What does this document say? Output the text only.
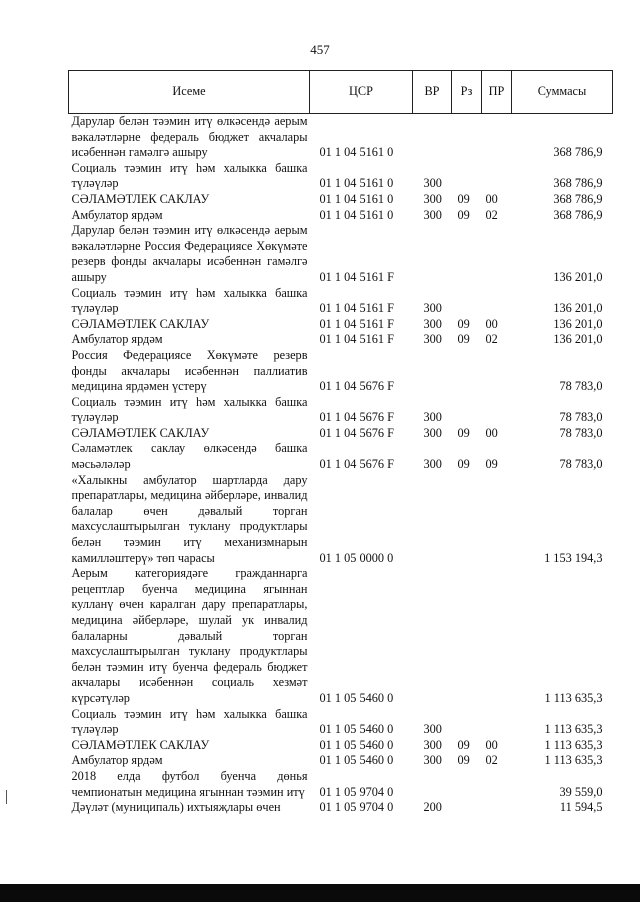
457
Исеме	ЦСР	ВР	Рз	ПР	Суммасы
Дарулар белән тәэмин итү өлкәсендә аерым вәкаләтләрне федераль бюджет акчалары исәбеннән гамәлгә ашыру	01 1 04 5161 0				368 786,9
Социаль тәэмин итү һәм халыкка башка түләүләр	01 1 04 5161 0	300			368 786,9
СӘЛАМӘТЛЕК САКЛАУ	01 1 04 5161 0	300	09	00	368 786,9
Амбулатор ярдәм	01 1 04 5161 0	300	09	02	368 786,9
Дарулар белән тәэмин итү өлкәсендә аерым вәкаләтләрне Россия Федерациясе Хөкүмәте резерв фонды акчалары исәбеннән гамәлгә ашыру	01 1 04 5161 F				136 201,0
Социаль тәэмин итү һәм халыкка башка түләүләр	01 1 04 5161 F	300			136 201,0
СӘЛАМӘТЛЕК САКЛАУ	01 1 04 5161 F	300	09	00	136 201,0
Амбулатор ярдәм	01 1 04 5161 F	300	09	02	136 201,0
Россия Федерациясе Хөкүмәте резерв фонды акчалары исәбеннән паллиатив медицина ярдәмен үстерү	01 1 04 5676 F				78 783,0
Социаль тәэмин итү һәм халыкка башка түләүләр	01 1 04 5676 F	300			78 783,0
СӘЛАМӘТЛЕК САКЛАУ	01 1 04 5676 F	300	09	00	78 783,0
Сәламәтлек саклау өлкәсендә башка мәсьәләләр	01 1 04 5676 F	300	09	09	78 783,0
«Халыкны амбулатор шартларда дару препаратлары, медицина әйберләре, инвалид балалар өчен дәвалый торган махсуслаштырылган туклану продуктлары белән тәэмин итү механизмнарын камилләштерү» төп чарасы	01 1 05 0000 0				1 153 194,3
Аерым категориядәге гражданнарга рецептлар буенча медицина ягыннан кулланү өчен каралган дару препаратлары, медицина әйберләре, шулай ук инвалид балаларны дәвалый торган махсуслаштырылган туклану продуктлары белән тәэмин итү буенча федераль бюджет акчалары исәбеннән социаль хезмәт күрсәтүләр	01 1 05 5460 0				1 113 635,3
Социаль тәэмин итү һәм халыкка башка түләүләр	01 1 05 5460 0	300			1 113 635,3
СӘЛАМӘТЛЕК САКЛАУ	01 1 05 5460 0	300	09	00	1 113 635,3
Амбулатор ярдәм	01 1 05 5460 0	300	09	02	1 113 635,3
2018 елда футбол буенча дөнья чемпионатын медицина ягыннан тәэмин итү	01 1 05 9704 0				39 559,0
Дәүләт (муниципаль) ихтыяҗлары өчен	01 1 05 9704 0	200			11 594,5
